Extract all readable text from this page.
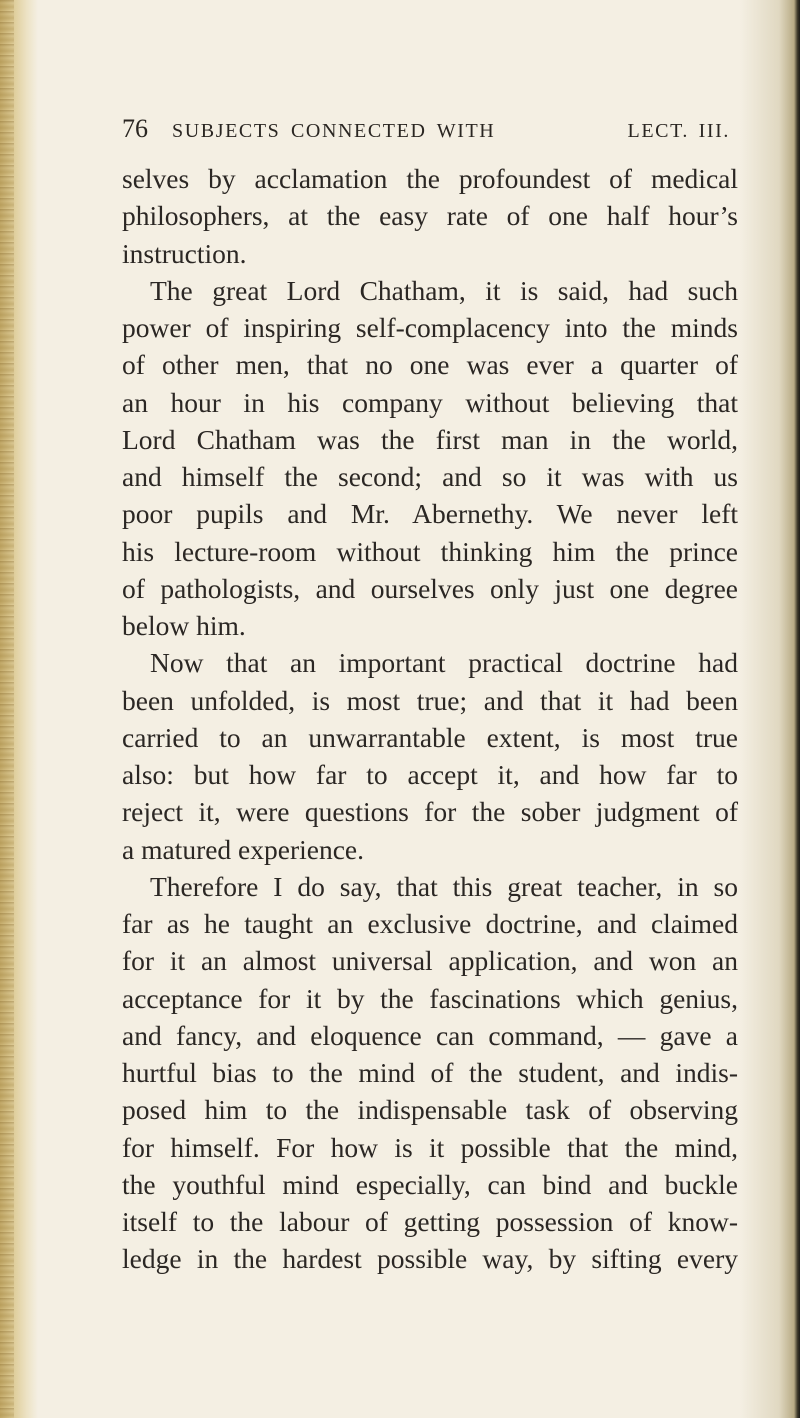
76 SUBJECTS CONNECTED WITH	LECT. III.
selves by acclamation the profoundest of medical
philosophers, at the easy rate of one half hour’s
instruction.
The great Lord Chatham, it is said, had such
power of inspiring self-complacency into the minds
of other men, that no one was ever a quarter of
an hour in his company without believing that
Lord Chatham was the first man in the world,
and himself the second; and so it was with us
poor pupils and Mr. Abernethy. We never left
his lecture-room without thinking him the prince
of pathologists, and ourselves only just one degree
below him.
Now that an important practical doctrine had
been unfolded, is most true; and that it had been
carried to an unwarrantable extent, is most true
also: but how far to accept it, and how far to
reject it, were questions for the sober judgment of
a matured experience.
Therefore I do say, that this great teacher, in so
far as he taught an exclusive doctrine, and claimed
for it an almost universal application, and won an
acceptance for it by the fascinations which genius,
and fancy, and eloquence can command, — gave a
hurtful bias to the mind of the student, and indis-
posed him to the indispensable task of observing
for himself. For how is it possible that the mind,
the youthful mind especially, can bind and buckle
itself to the labour of getting possession of know-
ledge in the hardest possible way, by sifting every
